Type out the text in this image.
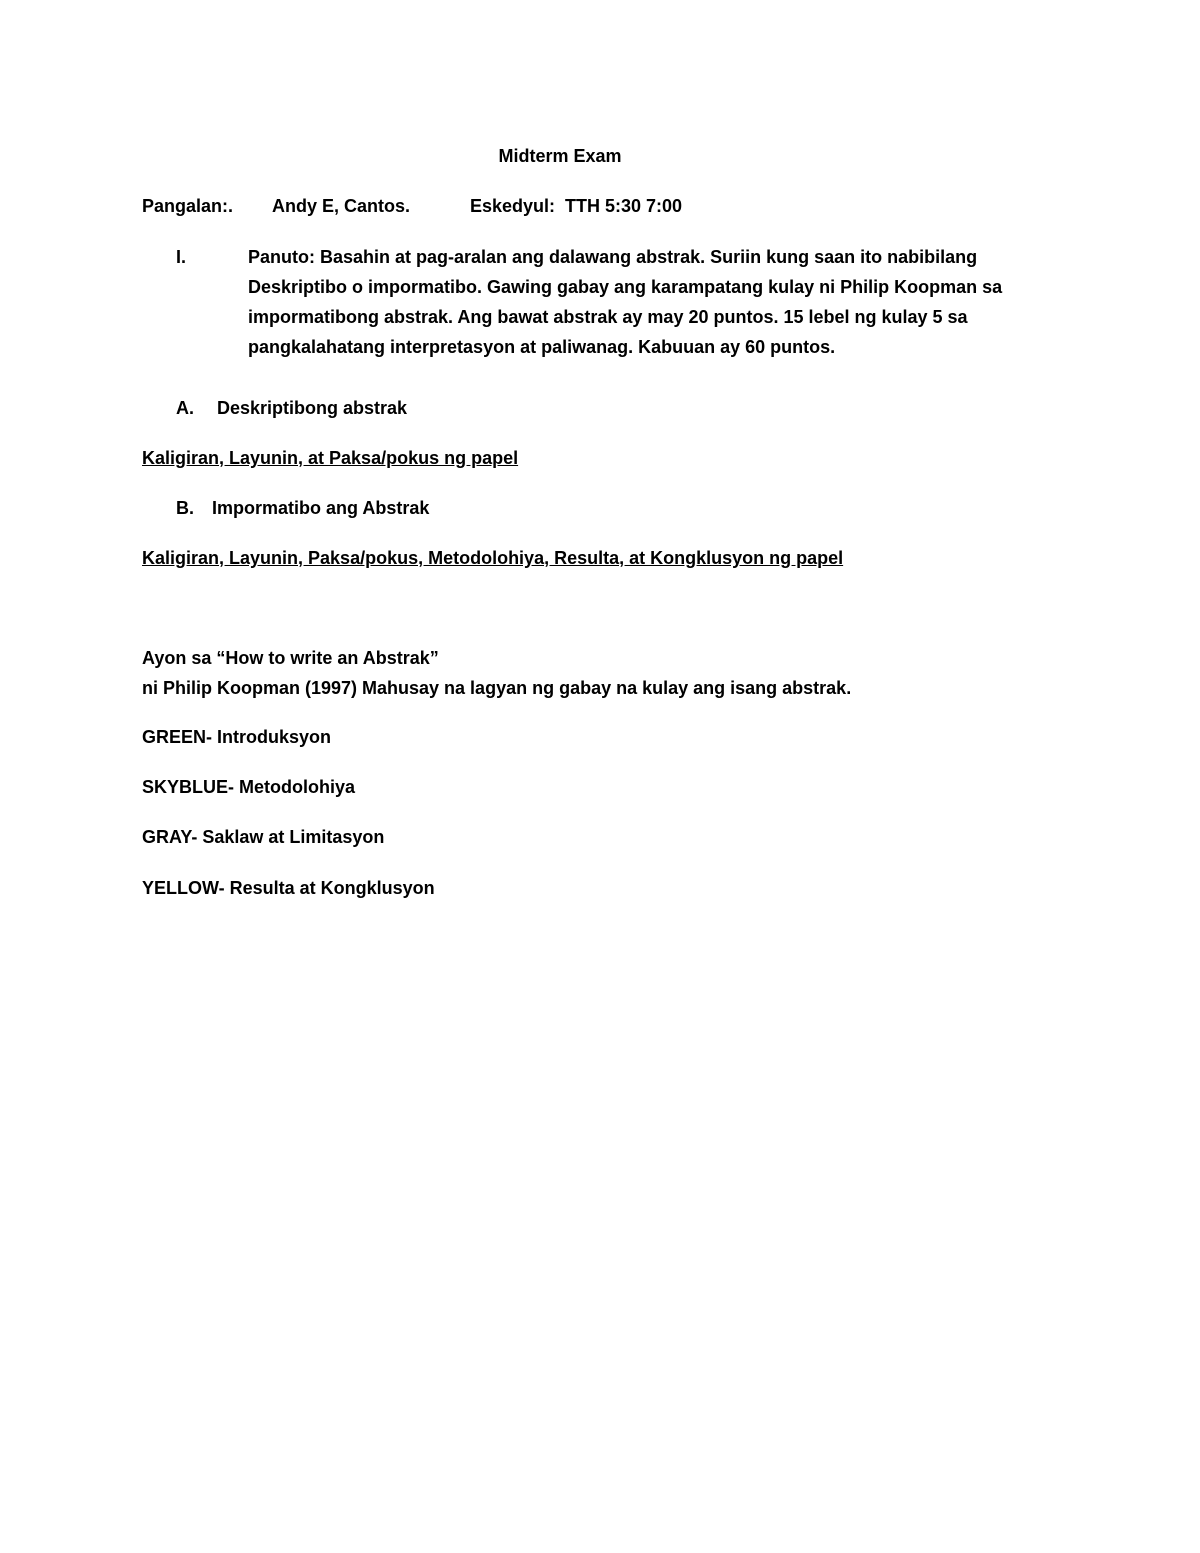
Midterm Exam
Pangalan:. Andy E, Cantos.	Eskedyul: TTH 5:30 7:00
I.	Panuto: Basahin at pag-aralan ang dalawang abstrak. Suriin kung saan ito nabibilang
Deskriptibo o impormatibo. Gawing gabay ang karampatang kulay ni Philip Koopman sa
impormatibong abstrak. Ang bawat abstrak ay may 20 puntos. 15 lebel ng kulay 5 sa
pangkalahatang interpretasyon at paliwanag. Kabuuan ay 60 puntos.
A. Deskriptibong abstrak
Kaligiran, Layunin, at Paksa/pokus ng papel
B. Impormatibo ang Abstrak
Kaligiran, Layunin, Paksa/pokus, Metodolohiya, Resulta, at Kongklusyon ng papel
Ayon sa “How to write an Abstrak”
ni Philip Koopman (1997) Mahusay na lagyan ng gabay na kulay ang isang abstrak.
GREEN- Introduksyon
SKYBLUE- Metodolohiya
GRAY- Saklaw at Limitasyon
YELLOW- Resulta at Kongklusyon
